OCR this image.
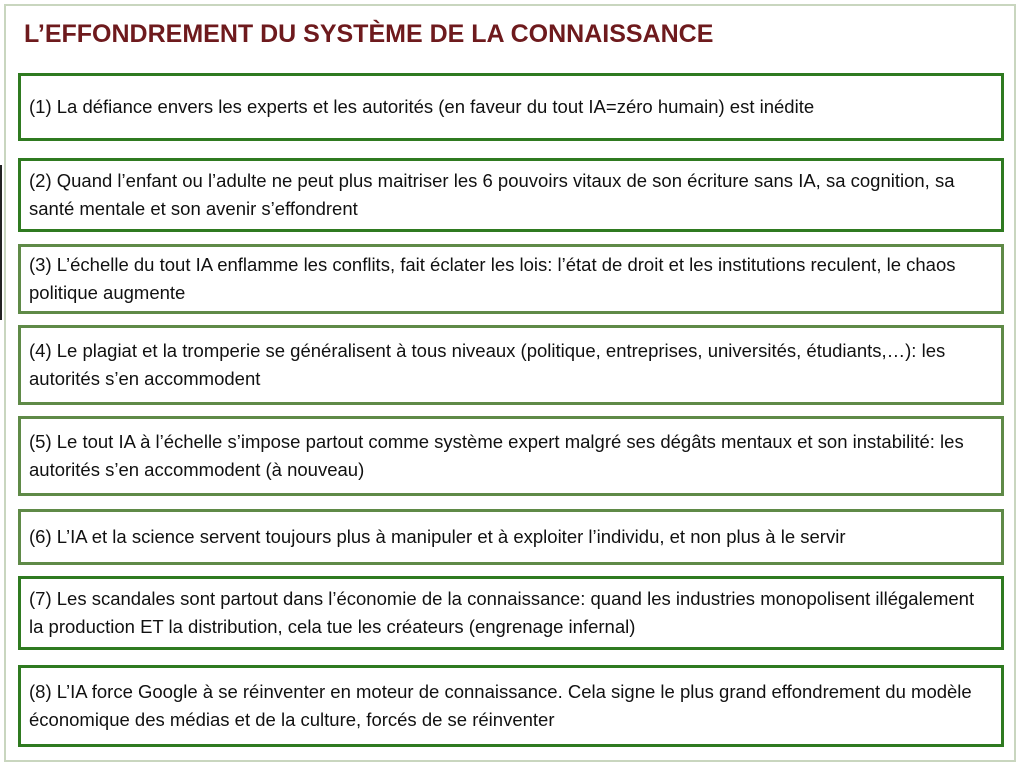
L’EFFONDREMENT DU SYSTÈME DE LA CONNAISSANCE
(1) La défiance envers les experts et les autorités (en faveur du tout IA=zéro humain) est inédite
(2) Quand l’enfant ou l’adulte ne peut plus maitriser les 6 pouvoirs vitaux de son écriture sans IA, sa cognition, sa santé mentale et son avenir s’effondrent
(3) L’échelle du tout IA enflamme les conflits, fait éclater les lois: l’état de droit et les institutions reculent, le chaos politique augmente
(4) Le plagiat et la tromperie se généralisent à tous niveaux (politique, entreprises, universités, étudiants,…): les autorités s’en accommodent
(5) Le tout IA à l’échelle s’impose partout comme système expert malgré ses dégâts mentaux et son instabilité: les autorités s’en accommodent (à nouveau)
(6) L’IA et la science servent toujours plus à manipuler et à exploiter l’individu, et non plus à le servir
(7) Les scandales sont partout dans l’économie de la connaissance: quand les industries monopolisent illégalement la production ET la distribution, cela tue les créateurs (engrenage infernal)
(8) L’IA force Google à se réinventer en moteur de connaissance. Cela signe le plus grand effondrement du modèle économique des médias et de la culture, forcés de se réinventer
